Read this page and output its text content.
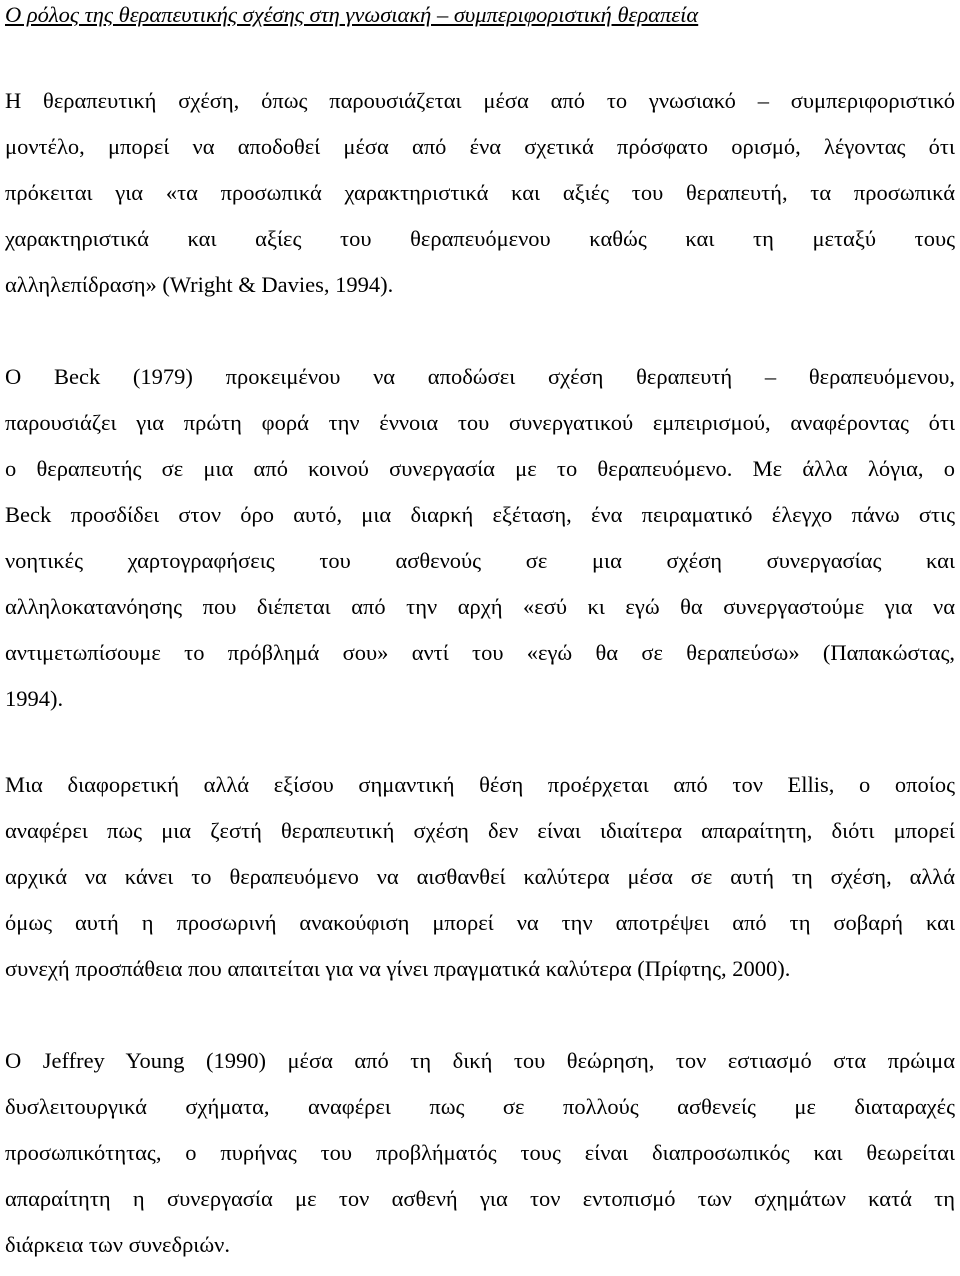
Ο ρόλος της θεραπευτικής σχέσης στη γνωσιακή – συμπεριφοριστική θεραπεία
Η θεραπευτική σχέση, όπως παρουσιάζεται μέσα από το γνωσιακό – συμπεριφοριστικό
μοντέλο, μπορεί να αποδοθεί μέσα από ένα σχετικά πρόσφατο ορισμό, λέγοντας ότι
πρόκειται για «τα προσωπικά χαρακτηριστικά και αξιές του θεραπευτή, τα προσωπικά
χαρακτηριστικά και αξίες του θεραπευόμενου καθώς και τη μεταξύ τους
αλληλεπίδραση» (Wright & Davies, 1994).
O Beck (1979) προκειμένου να αποδώσει σχέση θεραπευτή – θεραπευόμενου,
παρουσιάζει για πρώτη φορά την έννοια του συνεργατικού εμπειρισμού, αναφέροντας ότι
ο θεραπευτής σε μια από κοινού συνεργασία με το θεραπευόμενο. Με άλλα λόγια, ο
Beck προσδίδει στον όρο αυτό, μια διαρκή εξέταση, ένα πειραματικό έλεγχο πάνω στις
νοητικές χαρτογραφήσεις του ασθενούς σε μια σχέση συνεργασίας και
αλληλοκατανόησης που διέπεται από την αρχή «εσύ κι εγώ θα συνεργαστούμε για να
αντιμετωπίσουμε το πρόβλημά σου» αντί του «εγώ θα σε θεραπεύσω» (Παπακώστας,
1994).
Μια διαφορετική αλλά εξίσου σημαντική θέση προέρχεται από τον Ellis, ο οποίος
αναφέρει πως μια ζεστή θεραπευτική σχέση δεν είναι ιδιαίτερα απαραίτητη, διότι μπορεί
αρχικά να κάνει το θεραπευόμενο να αισθανθεί καλύτερα μέσα σε αυτή τη σχέση, αλλά
όμως αυτή η προσωρινή ανακούφιση μπορεί να την αποτρέψει από τη σοβαρή και
συνεχή προσπάθεια που απαιτείται για να γίνει πραγματικά καλύτερα (Πρίφτης, 2000).
O Jeffrey Young (1990) μέσα από τη δική του θεώρηση, τον εστιασμό στα πρώιμα
δυσλειτουργικά σχήματα, αναφέρει πως σε πολλούς ασθενείς με διαταραχές
προσωπικότητας, ο πυρήνας του προβλήματός τους είναι διαπροσωπικός και θεωρείται
απαραίτητη η συνεργασία με τον ασθενή για τον εντοπισμό των σχημάτων κατά τη
διάρκεια των συνεδριών.
